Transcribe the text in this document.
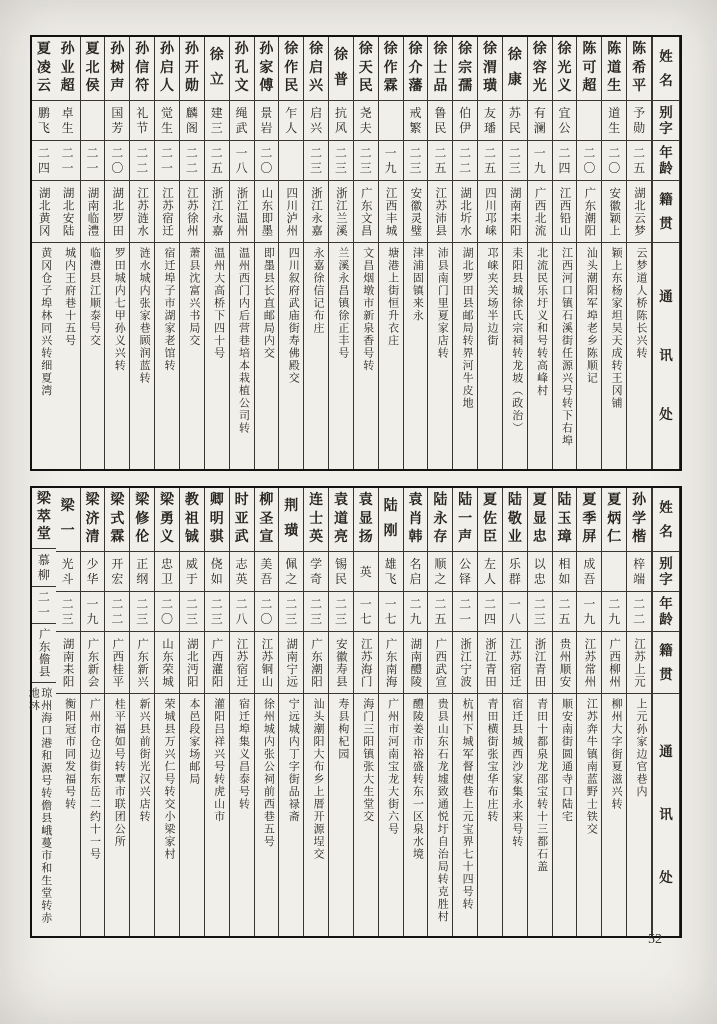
姓
名
别
字
年
龄
籍
贯
通
讯
处
陈
希
平
予
勋
二
五
湖北云梦
云梦道人桥陈长兴转
陈
道
生
道
生
二
〇
安徽颖上
颖上东杨家坦吴天成转王冈铺
陈
可
超
二
〇
广东潮阳
汕头潮阳军埠老乡陈顺记
徐
光
义
宜
公
二
四
江西铅山
江西河口镇石溪街任源兴号转下右埠
徐
容
光
有
澜
一
九
广西北流
北流民乐圩义和号转高峰村
徐
康
苏
民
二
三
湖南耒阳
耒阳县城徐氏宗祠转龙坡（政治）
徐
渭
璜
友
璠
二
五
四川邛崃
邛崃夹关场半边街
徐
宗
孺
伯
伊
二
二
湖北圻水
湖北罗田县邮局转界河牛皮地
徐
士
品
鲁
民
二
五
江苏沛县
沛县南门里夏家店转
徐
介
藩
戒
繁
二
三
安徽灵璧
津浦固镇来永
徐
作
霖
一
九
江西丰城
塘港上街恒升衣庄
徐
天
民
尧
夫
二
三
广东文昌
文昌烟墩市新泉香号转
徐
普
抗
风
二
三
浙江兰溪
兰溪永昌镇徐正丰号
徐
启
兴
启
兴
二
三
浙江永嘉
永嘉徐信记布庄
徐
作
民
乍
人
四川泸州
四川叙府武庙街寿佛殿交
孙
家
傅
景
岩
二
〇
山东即墨
即墨县长直邮局内交
孙
孔
文
绳
武
一
八
浙江温州
温州西门内后营巷培本栽植公司转
徐
立
建
三
二
五
浙江永嘉
温州大高桥下四十号
孙
开
勋
麟
阁
二
二
江苏徐州
萧县沈富兴书局交
孙
启
人
觉
生
二
一
江苏宿迁
宿迁埠子市湖家老馆转
孙
信
符
礼
节
二
二
江苏涟水
涟水城内张家巷顾润蓝转
孙
树
声
国
芳
二
〇
湖北罗田
罗田城内七甲孙义兴转
夏
北
侯
二
一
湖南临澧
临澧县江顺泰号交
孙
业
超
卓
生
二
一
湖北安陆
城内王府巷十五号
夏
凌
云
鹏
飞
二
四
湖北黄冈
黄冈仓子埠林同兴转细夏湾
姓
名
别
字
年
龄
籍
贯
通
讯
处
孙
学
楷
梓
端
二
二
江苏上元
上元孙家边官巷内
夏
炳
仁
二
九
广西柳州
柳州大字街夏滋兴转
夏
季
屏
成
吾
一
九
江苏常州
江苏奔牛镇南蓝野士铁交
陆
玉
璋
相
如
二
五
贵州顺安
顺安南街圆通寺口陆宅
夏
显
忠
以
忠
二
三
浙江青田
青田十都泉龙邵宝转十三都石盖
陆
敬
业
乐
群
一
八
江苏宿迁
宿迁县城西沙家集永来号转
夏
佐
臣
左
人
二
四
浙江青田
青田横街张宝华布庄转
陆
一
声
公
铎
二
一
浙江宁波
杭州下城军督使巷上元宝界七十四号转
陆
永
存
顺
之
二
五
广西武宣
贵县山东石龙墟致通悦圩自治局转克胜村
袁
肖
韩
名
启
二
九
湖南醴陵
醴陵姜市裕盛转东一区泉水境
陆
刚
雄
飞
一
七
广东南海
广州市河南宝龙大街六号
袁
显
扬
英
一
七
江苏海门
海门三阳镇张大生堂交
袁
道
亮
锡
民
二
三
安徽寿县
寿县枸杞园
连
士
英
学
奇
二
三
广东潮阳
汕头潮阳大布乡上厝开源埕交
荆
璜
佩
之
二
三
湖南宁远
宁远城内丁字街品禄斋
柳
圣
宣
美
吾
二
〇
江苏铜山
徐州城内张公祠前西巷五号
时
亚
武
志
英
二
八
江苏宿迁
宿迁埠集义昌泰号转
卿
明
骐
侥
如
二
三
广西灌阳
灌阳吕祥兴号转虎山市
教
祖
铖
威
于
二
三
湖北沔阳
本邑段家场邮局
梁
勇
义
忠
卫
二
〇
山东荣城
荣城县万兴仁号转交小梁家村
梁
修
伦
正
纲
二
三
广东新兴
新兴县前街光汉兴店转
梁
式
霖
开
宏
二
二
广西桂平
桂平福如号转覃市联团公所
梁
济
清
少
华
一
九
广东新会
广州市仓边街东岳二约十一号
梁
一
光
斗
二
三
湖南耒阳
衡阳冠市同发福号转
梁
萃
堂
慕
柳
二
一
广东儋县
琼州海口港和源号转儋县峨蔓市和生堂转赤地林
52
